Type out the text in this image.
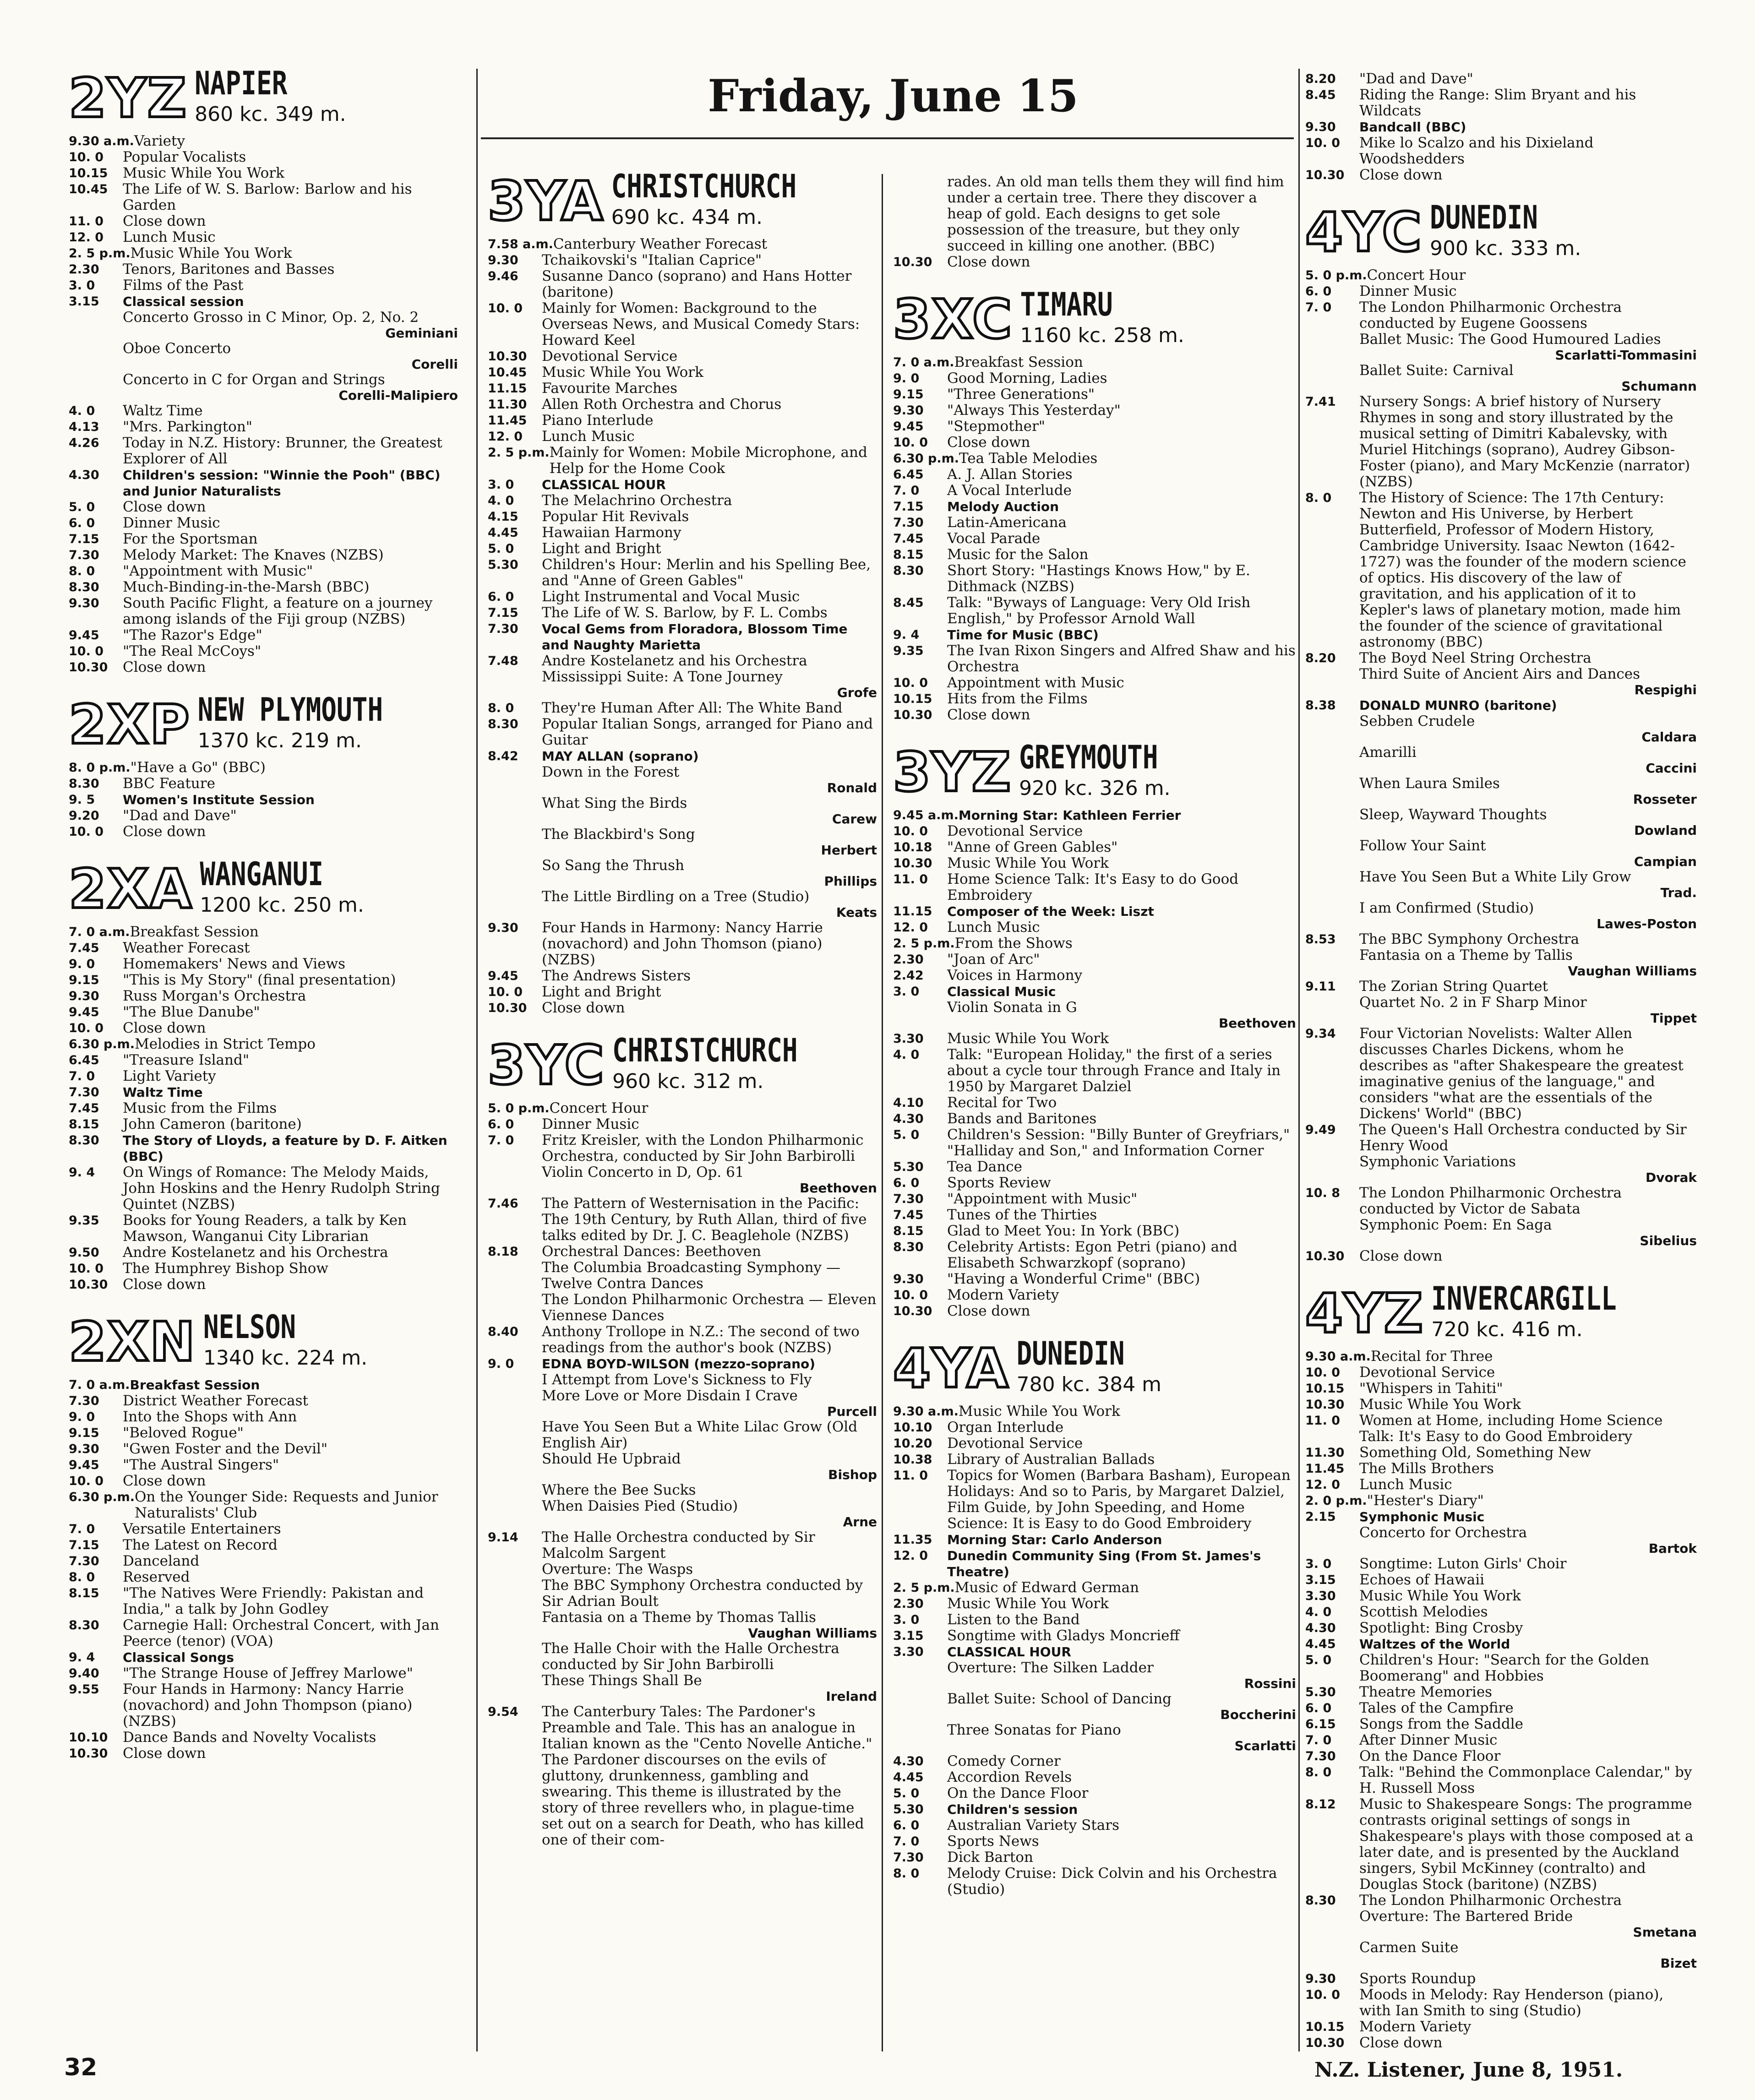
Friday, June 15
2YZ NAPIER
860 kc. 349 m.
9.30 a.m. Variety
10. 0	Popular Vocalists
10.15	Music While You Work
10.45	The Life of W. S. Barlow: Barlow and his Garden
11. 0	Close down
12. 0	Lunch Music
2. 5 p.m. Music While You Work
2.30	Tenors, Baritones and Basses
3. 0	Films of the Past
3.15	Classical session
Concerto Grosso in C Minor, Op. 2, No. 2
Geminiani
Oboe Concerto
Corelli
Concerto in C for Organ and Strings
Corelli-Malipiero
4. 0	Waltz Time
4.13	"Mrs. Parkington"
4.26	Today in N.Z. History: Brunner, the Greatest Explorer of All
4.30	Children's session: "Winnie the Pooh" (BBC) and Junior Naturalists
5. 0	Close down
6. 0	Dinner Music
7.15	For the Sportsman
7.30	Melody Market: The Knaves (NZBS)
8. 0	"Appointment with Music"
8.30	Much-Binding-in-the-Marsh (BBC)
9.30	South Pacific Flight, a feature on a journey among islands of the Fiji group (NZBS)
9.45	"The Razor's Edge"
10. 0	"The Real McCoys"
10.30	Close down
2XP NEW PLYMOUTH
1370 kc. 219 m.
8. 0 p.m. "Have a Go" (BBC)
8.30	BBC Feature
9. 5	Women's Institute Session
9.20	"Dad and Dave"
10. 0	Close down
2XA WANGANUI
1200 kc. 250 m.
7. 0 a.m. Breakfast Session
7.45	Weather Forecast
9. 0	Homemakers' News and Views
9.15	"This is My Story" (final presentation)
9.30	Russ Morgan's Orchestra
9.45	"The Blue Danube"
10. 0	Close down
6.30 p.m. Melodies in Strict Tempo
6.45	"Treasure Island"
7. 0	Light Variety
7.30	Waltz Time
7.45	Music from the Films
8.15	John Cameron (baritone)
8.30	The Story of Lloyds, a feature by D. F. Aitken (BBC)
9. 4	On Wings of Romance: The Melody Maids, John Hoskins and the Henry Rudolph String Quintet (NZBS)
9.35	Books for Young Readers, a talk by Ken Mawson, Wanganui City Librarian
9.50	Andre Kostelanetz and his Orchestra
10. 0	The Humphrey Bishop Show
10.30	Close down
2XN NELSON
1340 kc. 224 m.
7. 0 a.m. Breakfast Session
7.30	District Weather Forecast
9. 0	Into the Shops with Ann
9.15	"Beloved Rogue"
9.30	"Gwen Foster and the Devil"
9.45	"The Austral Singers"
10. 0	Close down
6.30 p.m. On the Younger Side: Requests and Junior Naturalists' Club
7. 0	Versatile Entertainers
7.15	The Latest on Record
7.30	Danceland
8. 0	Reserved
8.15	"The Natives Were Friendly: Pakistan and India," a talk by John Godley
8.30	Carnegie Hall: Orchestral Concert, with Jan Peerce (tenor) (VOA)
9. 4	Classical Songs
9.40	"The Strange House of Jeffrey Marlowe"
9.55	Four Hands in Harmony: Nancy Harrie (novachord) and John Thompson (piano) (NZBS)
10.10	Dance Bands and Novelty Vocalists
10.30	Close down
3YA CHRISTCHURCH
690 kc. 434 m.
7.58 a.m. Canterbury Weather Forecast
9.30	Tchaikovski's "Italian Caprice"
9.46	Susanne Danco (soprano) and Hans Hotter (baritone)
10. 0	Mainly for Women: Background to the Overseas News, and Musical Comedy Stars: Howard Keel
10.30	Devotional Service
10.45	Music While You Work
11.15	Favourite Marches
11.30	Allen Roth Orchestra and Chorus
11.45	Piano Interlude
12. 0	Lunch Music
2. 5 p.m. Mainly for Women: Mobile Microphone, and Help for the Home Cook
3. 0	CLASSICAL HOUR
4. 0	The Melachrino Orchestra
4.15	Popular Hit Revivals
4.45	Hawaiian Harmony
5. 0	Light and Bright
5.30	Children's Hour: Merlin and his Spelling Bee, and "Anne of Green Gables"
6. 0	Light Instrumental and Vocal Music
7.15	The Life of W. S. Barlow, by F. L. Combs
7.30	Vocal Gems from Floradora, Blossom Time and Naughty Marietta
7.48	Andre Kostelanetz and his Orchestra
Mississippi Suite: A Tone Journey
Grofe
8. 0	They're Human After All: The White Band
8.30	Popular Italian Songs, arranged for Piano and Guitar
8.42	MAY ALLAN (soprano)
Down in the Forest
Ronald
What Sing the Birds
Carew
The Blackbird's Song
Herbert
So Sang the Thrush
Phillips
The Little Birdling on a Tree (Studio)
Keats
9.30	Four Hands in Harmony: Nancy Harrie (novachord) and John Thomson (piano) (NZBS)
9.45	The Andrews Sisters
10. 0	Light and Bright
10.30	Close down
3YC CHRISTCHURCH
960 kc. 312 m.
5. 0 p.m. Concert Hour
6. 0	Dinner Music
7. 0	Fritz Kreisler, with the London Philharmonic Orchestra, conducted by Sir John Barbirolli
Violin Concerto in D, Op. 61
Beethoven
7.46	The Pattern of Westernisation in the Pacific: The 19th Century, by Ruth Allan, third of five talks edited by Dr. J. C. Beaglehole (NZBS)
8.18	Orchestral Dances: Beethoven
The Columbia Broadcasting Symphony — Twelve Contra Dances
The London Philharmonic Orchestra — Eleven Viennese Dances
8.40	Anthony Trollope in N.Z.: The second of two readings from the author's book (NZBS)
9. 0	EDNA BOYD-WILSON (mezzo-soprano)
I Attempt from Love's Sickness to Fly
More Love or More Disdain I Crave
Purcell
Have You Seen But a White Lilac Grow (Old English Air)
Should He Upbraid
Bishop
Where the Bee Sucks
When Daisies Pied (Studio)
Arne
9.14	The Halle Orchestra conducted by Sir Malcolm Sargent
Overture: The Wasps
The BBC Symphony Orchestra conducted by Sir Adrian Boult
Fantasia on a Theme by Thomas Tallis
Vaughan Williams
The Halle Choir with the Halle Orchestra conducted by Sir John Barbirolli
These Things Shall Be
Ireland
9.54	The Canterbury Tales: The Pardoner's Preamble and Tale. This has an analogue in Italian known as the "Cento Novelle Antiche." The Pardoner discourses on the evils of gluttony, drunkenness, gambling and swearing. This theme is illustrated by the story of three revellers who, in plague-time set out on a search for Death, who has killed one of their com-
rades. An old man tells them they will find him under a certain tree. There they discover a heap of gold. Each designs to get sole possession of the treasure, but they only succeed in killing one another. (BBC)
10.30	Close down
3XC TIMARU
1160 kc. 258 m.
7. 0 a.m. Breakfast Session
9. 0	Good Morning, Ladies
9.15	"Three Generations"
9.30	"Always This Yesterday"
9.45	"Stepmother"
10. 0	Close down
6.30 p.m. Tea Table Melodies
6.45	A. J. Allan Stories
7. 0	A Vocal Interlude
7.15	Melody Auction
7.30	Latin-Americana
7.45	Vocal Parade
8.15	Music for the Salon
8.30	Short Story: "Hastings Knows How," by E. Dithmack (NZBS)
8.45	Talk: "Byways of Language: Very Old Irish English," by Professor Arnold Wall
9. 4	Time for Music (BBC)
9.35	The Ivan Rixon Singers and Alfred Shaw and his Orchestra
10. 0	Appointment with Music
10.15	Hits from the Films
10.30	Close down
3YZ GREYMOUTH
920 kc. 326 m.
9.45 a.m. Morning Star: Kathleen Ferrier
10. 0	Devotional Service
10.18	"Anne of Green Gables"
10.30	Music While You Work
11. 0	Home Science Talk: It's Easy to do Good Embroidery
11.15	Composer of the Week: Liszt
12. 0	Lunch Music
2. 5 p.m. From the Shows
2.30	"Joan of Arc"
2.42	Voices in Harmony
3. 0	Classical Music
Violin Sonata in G
Beethoven
3.30	Music While You Work
4. 0	Talk: "European Holiday," the first of a series about a cycle tour through France and Italy in 1950 by Margaret Dalziel
4.10	Recital for Two
4.30	Bands and Baritones
5. 0	Children's Session: "Billy Bunter of Greyfriars," "Halliday and Son," and Information Corner
5.30	Tea Dance
6. 0	Sports Review
7.30	"Appointment with Music"
7.45	Tunes of the Thirties
8.15	Glad to Meet You: In York (BBC)
8.30	Celebrity Artists: Egon Petri (piano) and Elisabeth Schwarzkopf (soprano)
9.30	"Having a Wonderful Crime" (BBC)
10. 0	Modern Variety
10.30	Close down
4YA DUNEDIN
780 kc. 384 m
9.30 a.m. Music While You Work
10.10	Organ Interlude
10.20	Devotional Service
10.38	Library of Australian Ballads
11. 0	Topics for Women (Barbara Basham), European Holidays: And so to Paris, by Margaret Dalziel, Film Guide, by John Speeding, and Home Science: It is Easy to do Good Embroidery
11.35	Morning Star: Carlo Anderson
12. 0	Dunedin Community Sing (From St. James's Theatre)
2. 5 p.m. Music of Edward German
2.30	Music While You Work
3. 0	Listen to the Band
3.15	Songtime with Gladys Moncrieff
3.30	CLASSICAL HOUR
Overture: The Silken Ladder
Rossini
Ballet Suite: School of Dancing
Boccherini
Three Sonatas for Piano
Scarlatti
4.30	Comedy Corner
4.45	Accordion Revels
5. 0	On the Dance Floor
5.30	Children's session
6. 0	Australian Variety Stars
7. 0	Sports News
7.30	Dick Barton
8. 0	Melody Cruise: Dick Colvin and his Orchestra (Studio)
8.20	"Dad and Dave"
8.45	Riding the Range: Slim Bryant and his Wildcats
9.30	Bandcall (BBC)
10. 0	Mike lo Scalzo and his Dixieland Woodshedders
10.30	Close down
4YC DUNEDIN
900 kc. 333 m.
5. 0 p.m. Concert Hour
6. 0	Dinner Music
7. 0	The London Philharmonic Orchestra conducted by Eugene Goossens
Ballet Music: The Good Humoured Ladies
Scarlatti-Tommasini
Ballet Suite: Carnival
Schumann
7.41	Nursery Songs: A brief history of Nursery Rhymes in song and story illustrated by the musical setting of Dimitri Kabalevsky, with Muriel Hitchings (soprano), Audrey Gibson-Foster (piano), and Mary McKenzie (narrator) (NZBS)
8. 0	The History of Science: The 17th Century: Newton and His Universe, by Herbert Butterfield, Professor of Modern History, Cambridge University. Isaac Newton (1642-1727) was the founder of the modern science of optics. His discovery of the law of gravitation, and his application of it to Kepler's laws of planetary motion, made him the founder of the science of gravitational astronomy (BBC)
8.20	The Boyd Neel String Orchestra
Third Suite of Ancient Airs and Dances
Respighi
8.38	DONALD MUNRO (baritone)
Sebben Crudele
Caldara
Amarilli
Caccini
When Laura Smiles
Rosseter
Sleep, Wayward Thoughts
Dowland
Follow Your Saint
Campian
Have You Seen But a White Lily Grow
Trad.
I am Confirmed (Studio)
Lawes-Poston
8.53	The BBC Symphony Orchestra
Fantasia on a Theme by Tallis
Vaughan Williams
9.11	The Zorian String Quartet
Quartet No. 2 in F Sharp Minor
Tippet
9.34	Four Victorian Novelists: Walter Allen discusses Charles Dickens, whom he describes as "after Shakespeare the greatest imaginative genius of the language," and considers "what are the essentials of the Dickens' World" (BBC)
9.49	The Queen's Hall Orchestra conducted by Sir Henry Wood
Symphonic Variations
Dvorak
10. 8	The London Philharmonic Orchestra conducted by Victor de Sabata
Symphonic Poem: En Saga
Sibelius
10.30	Close down
4YZ INVERCARGILL
720 kc. 416 m.
9.30 a.m. Recital for Three
10. 0	Devotional Service
10.15	"Whispers in Tahiti"
10.30	Music While You Work
11. 0	Women at Home, including Home Science Talk: It's Easy to do Good Embroidery
11.30	Something Old, Something New
11.45	The Mills Brothers
12. 0	Lunch Music
2. 0 p.m. "Hester's Diary"
2.15	Symphonic Music
Concerto for Orchestra
Bartok
3. 0	Songtime: Luton Girls' Choir
3.15	Echoes of Hawaii
3.30	Music While You Work
4. 0	Scottish Melodies
4.30	Spotlight: Bing Crosby
4.45	Waltzes of the World
5. 0	Children's Hour: "Search for the Golden Boomerang" and Hobbies
5.30	Theatre Memories
6. 0	Tales of the Campfire
6.15	Songs from the Saddle
7. 0	After Dinner Music
7.30	On the Dance Floor
8. 0	Talk: "Behind the Commonplace Calendar," by H. Russell Moss
8.12	Music to Shakespeare Songs: The programme contrasts original settings of songs in Shakespeare's plays with those composed at a later date, and is presented by the Auckland singers, Sybil McKinney (contralto) and Douglas Stock (baritone) (NZBS)
8.30	The London Philharmonic Orchestra
Overture: The Bartered Bride
Smetana
Carmen Suite
Bizet
9.30	Sports Roundup
10. 0	Moods in Melody: Ray Henderson (piano), with Ian Smith to sing (Studio)
10.15	Modern Variety
10.30	Close down
32	N.Z. Listener, June 8, 1951.
